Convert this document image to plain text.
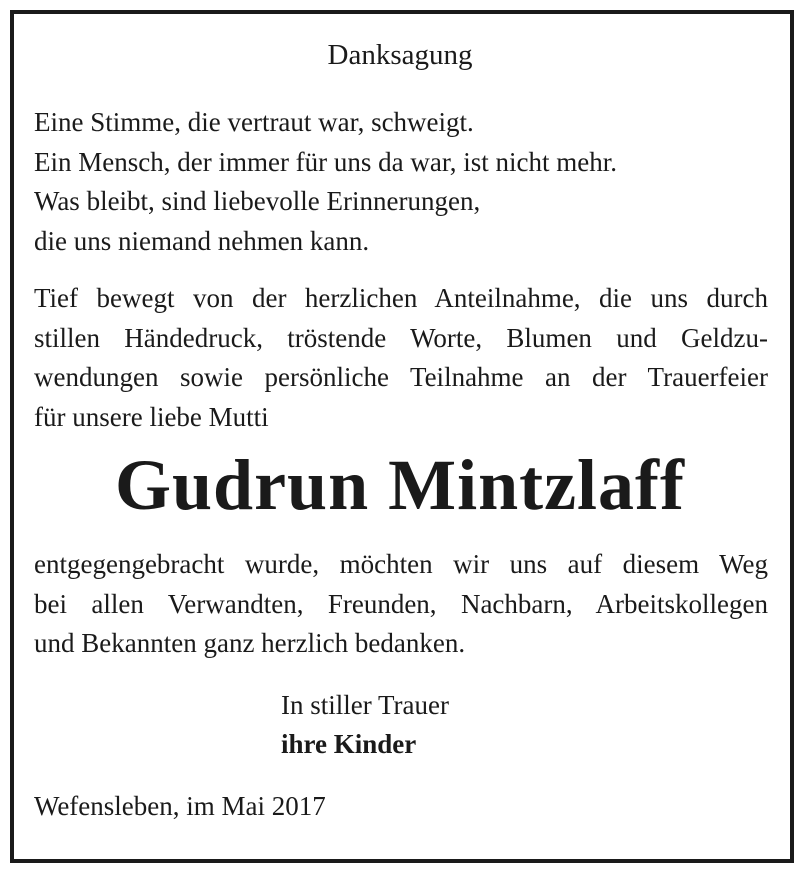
Danksagung
Eine Stimme, die vertraut war, schweigt.
Ein Mensch, der immer für uns da war, ist nicht mehr.
Was bleibt, sind liebevolle Erinnerungen,
die uns niemand nehmen kann.
Tief bewegt von der herzlichen Anteilnahme, die uns durch
stillen Händedruck, tröstende Worte, Blumen und Geldzu-
wendungen sowie persönliche Teilnahme an der Trauerfeier
für unsere liebe Mutti
Gudrun Mintzlaff
entgegengebracht wurde, möchten wir uns auf diesem Weg
bei allen Verwandten, Freunden, Nachbarn, Arbeitskollegen
und Bekannten ganz herzlich bedanken.
In stiller Trauer
ihre Kinder
Wefensleben, im Mai 2017
